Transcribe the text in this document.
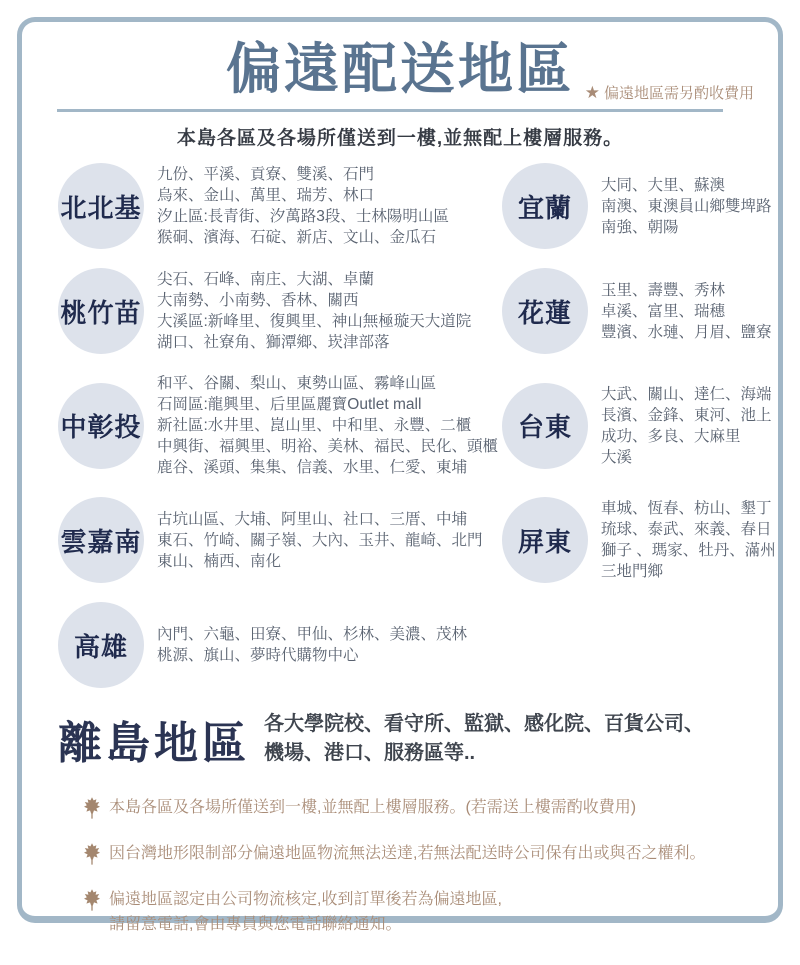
偏遠配送地區 ★ 偏遠地區需另酌收費用
本島各區及各場所僅送到一樓,並無配上樓層服務。
北北基
九份、平溪、貢寮、雙溪、石門
烏來、金山、萬里、瑞芳、林口
汐止區:長青街、汐萬路3段、士林陽明山區
猴硐、濱海、石碇、新店、文山、金瓜石
宜蘭
大同、大里、蘇澳
南澳、東澳員山鄉雙埤路
南強、朝陽
桃竹苗
尖石、石峰、南庄、大湖、卓蘭
大南勢、小南勢、香林、關西
大溪區:新峰里、復興里、神山無極璇天大道院
湖口、社寮角、獅潭鄉、崁津部落
花蓮
玉里、壽豐、秀林
卓溪、富里、瑞穗
豐濱、水璉、月眉、鹽寮
中彰投
和平、谷關、梨山、東勢山區、霧峰山區
石岡區:龍興里、后里區麗寶Outlet mall
新社區:水井里、崑山里、中和里、永豐、二櫃
中興街、福興里、明裕、美林、福民、民化、頭櫃
鹿谷、溪頭、集集、信義、水里、仁愛、東埔
台東
大武、關山、達仁、海端
長濱、金鋒、東河、池上
成功、多良、大麻里
大溪
雲嘉南
古坑山區、大埔、阿里山、社口、三厝、中埔
東石、竹崎、關子嶺、大內、玉井、龍崎、北門
東山、楠西、南化
屏東
車城、恆春、枋山、墾丁
琉球、泰武、來義、春日
獅子 、瑪家、牡丹、滿州
三地門鄉
高雄	內門、六龜、田寮、甲仙、杉林、美濃、茂林
桃源、旗山、夢時代購物中心
離島地區 各大學院校、看守所、監獄、感化院、百貨公司、
機場、港口、服務區等..
本島各區及各場所僅送到一樓,並無配上樓層服務。(若需送上樓需酌收費用)
因台灣地形限制部分偏遠地區物流無法送達,若無法配送時公司保有出或與否之權利。
偏遠地區認定由公司物流核定,收到訂單後若為偏遠地區,
請留意電話,會由專員與您電話聯絡通知。
